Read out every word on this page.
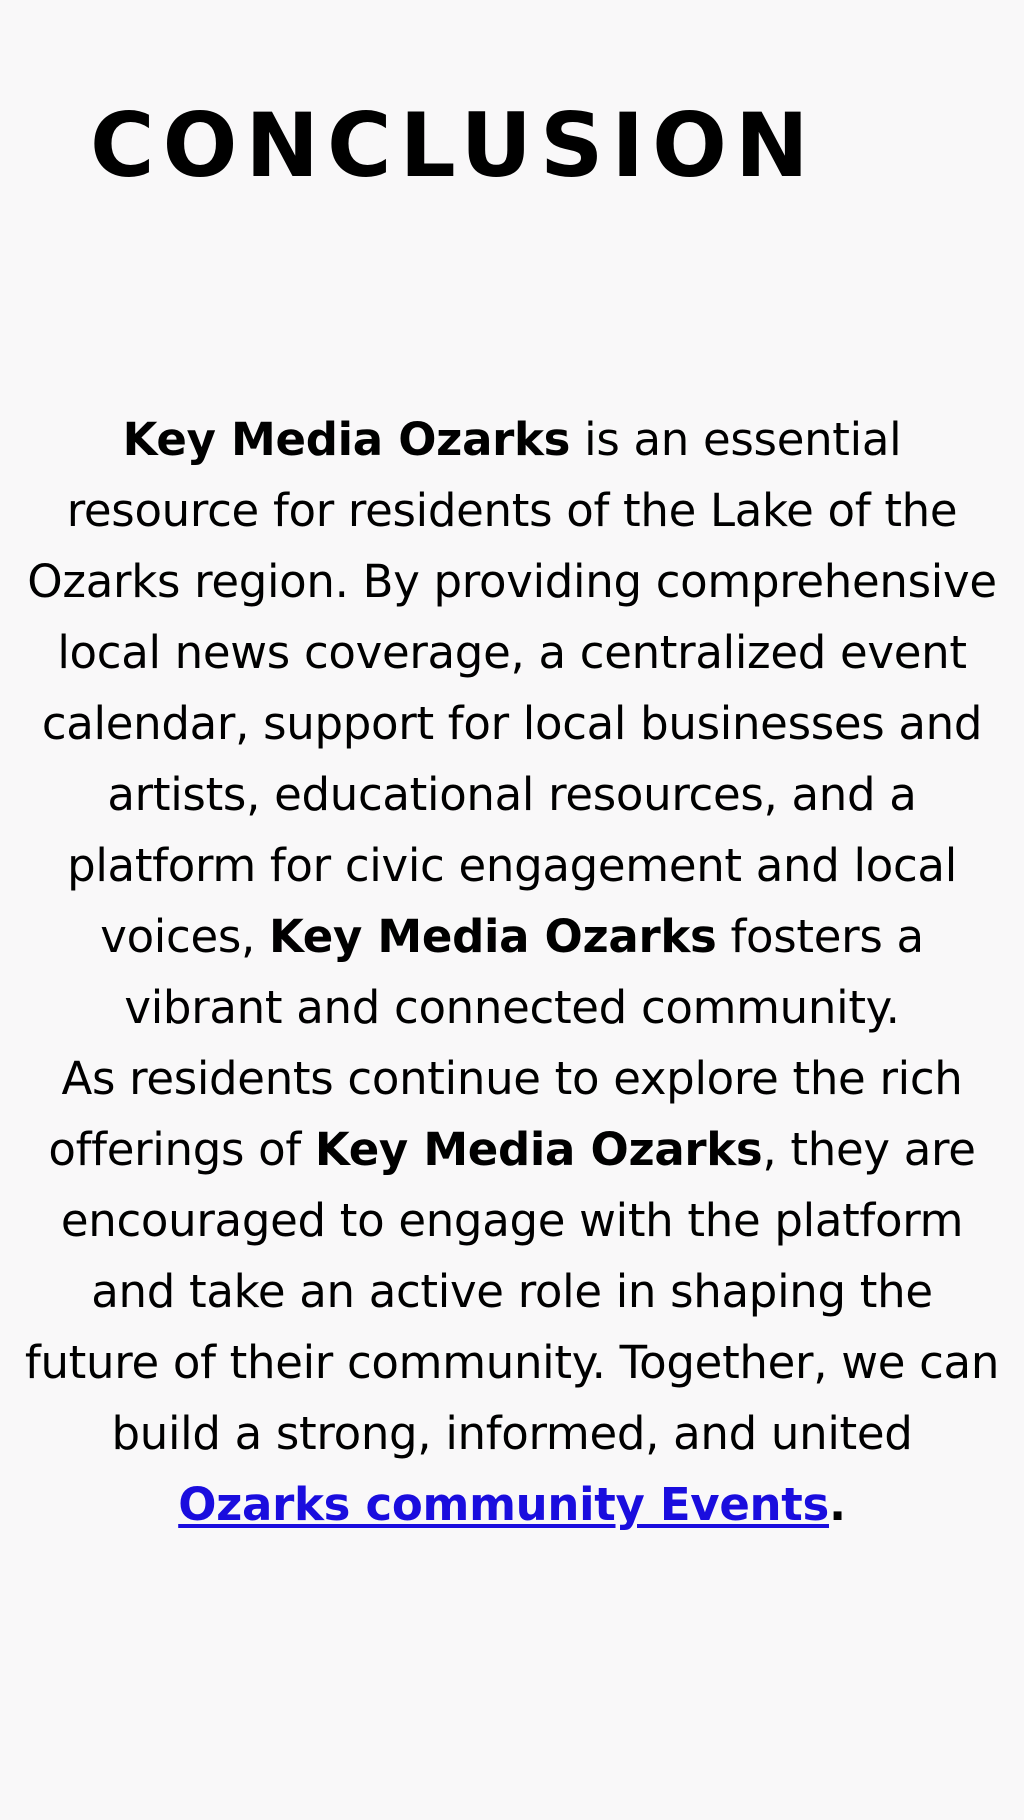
CONCLUSION

Key Media Ozarks is an essential resource for residents of the Lake of the Ozarks region. By providing comprehensive local news coverage, a centralized event calendar, support for local businesses and artists, educational resources, and a platform for civic engagement and local voices, Key Media Ozarks fosters a vibrant and connected community.

As residents continue to explore the rich offerings of Key Media Ozarks, they are encouraged to engage with the platform and take an active role in shaping the future of their community. Together, we can build a strong, informed, and united Ozarks community Events.
